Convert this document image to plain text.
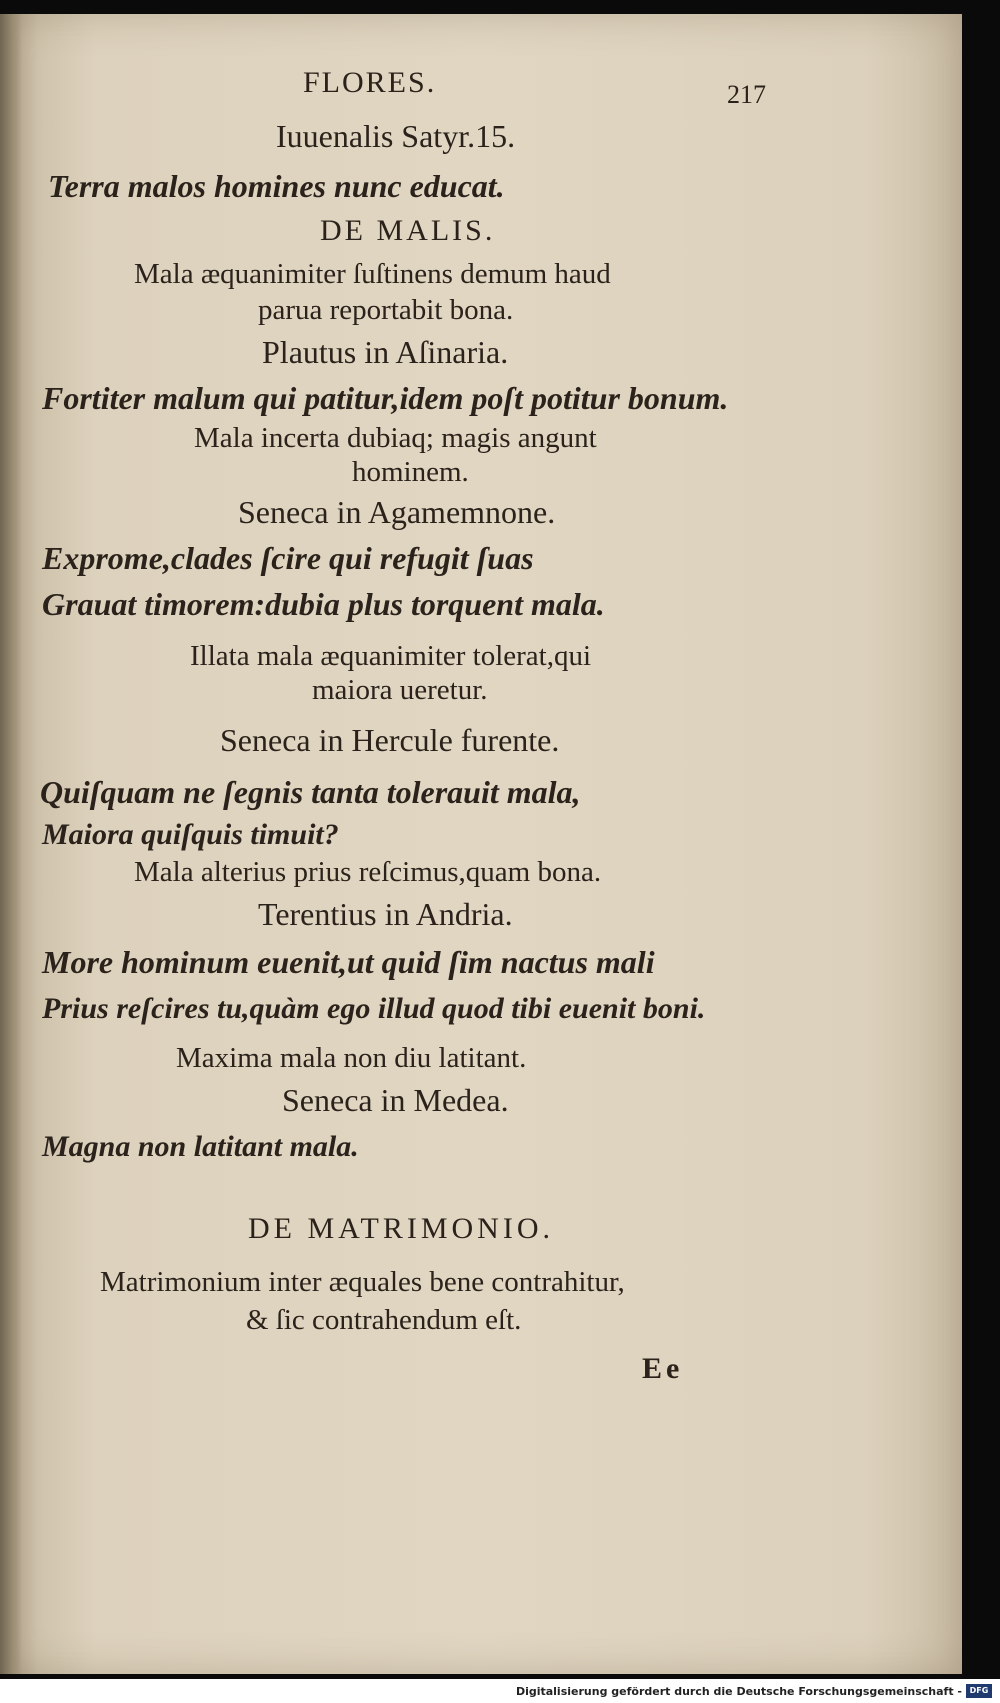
FLORES.	217
Iuuenalis Satyr.15.
Terra malos homines nunc educat.
DE MALIS.
Mala æquanimiter ſuſtinens demum haud
parua reportabit bona.
Plautus in Aſinaria.
Fortiter malum qui patitur,idem poſt potitur bonum.
Mala incerta dubiaq; magis angunt
hominem.
Seneca in Agamemnone.
Exprome,clades ſcire qui refugit ſuas
Grauat timorem:dubia plus torquent mala.
Illata mala æquanimiter tolerat,qui
maiora ueretur.
Seneca in Hercule furente.
Quiſquam ne ſegnis tanta tolerauit mala,
Maiora quiſquis timuit?
Mala alterius prius reſcimus,quam bona.
Terentius in Andria.
More hominum euenit,ut quid ſim nactus mali
Prius reſcires tu,quàm ego illud quod tibi euenit boni.
Maxima mala non diu latitant.
Seneca in Medea.
Magna non latitant mala.
DE MATRIMONIO.
Matrimonium inter æquales bene contrahitur,
& ſic contrahendum eſt.
Ee
Digitalisierung gefördert durch die Deutsche Forschungsgemeinschaft - DFG
